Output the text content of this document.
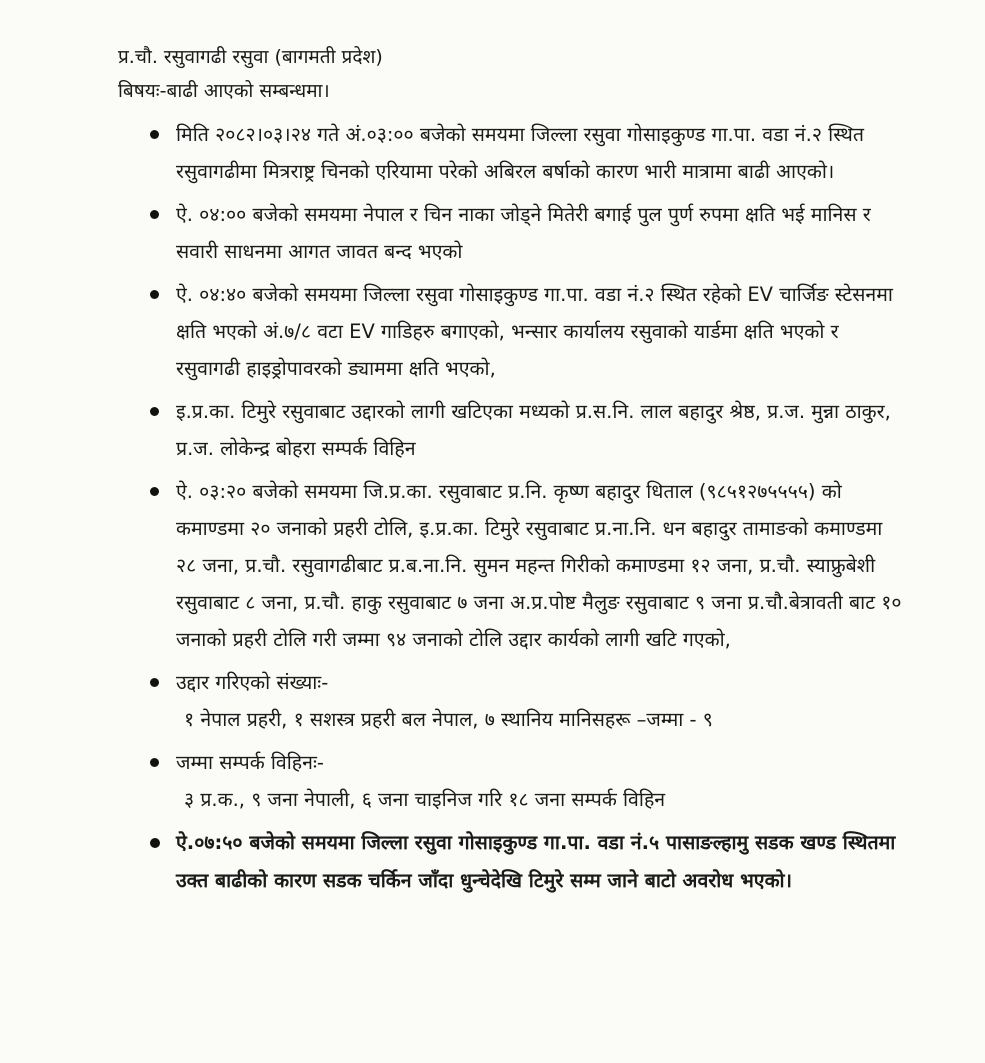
प्र.चौ. रसुवागढी रसुवा (बागमती प्रदेश)
बिषयः-बाढी आएको सम्बन्धमा।
मिति २०८२।०३।२४ गते अं.०३:०० बजेको समयमा जिल्ला रसुवा गोसाइकुण्ड गा.पा. वडा नं.२ स्थित रसुवागढीमा मित्रराष्ट्र चिनको एरियामा परेको अबिरल बर्षाको कारण भारी मात्रामा बाढी आएको।
ऐ. ०४:०० बजेको समयमा नेपाल र चिन नाका जोड्ने मितेरी बगाई पुल पुर्ण रुपमा क्षति भई मानिस र सवारी साधनमा आगत जावत बन्द भएको
ऐ. ०४:४० बजेको समयमा जिल्ला रसुवा गोसाइकुण्ड गा.पा. वडा नं.२ स्थित रहेको EV चार्जिङ स्टेसनमा क्षति भएको अं.७/८ वटा EV गाडिहरु बगाएको, भन्सार कार्यालय रसुवाको यार्डमा क्षति भएको र रसुवागढी हाइड्रोपावरको ड्याममा क्षति भएको,
इ.प्र.का. टिमुरे रसुवाबाट उद्दारको लागी खटिएका मध्यको प्र.स.नि. लाल बहादुर श्रेष्ठ, प्र.ज. मुन्ना ठाकुर, प्र.ज. लोकेन्द्र बोहरा सम्पर्क विहिन
ऐ. ०३:२० बजेको समयमा जि.प्र.का. रसुवाबाट प्र.नि. कृष्ण बहादुर धिताल (९८५१२७५५५५) को कमाण्डमा २० जनाको प्रहरी टोलि, इ.प्र.का. टिमुरे रसुवाबाट प्र.ना.नि. धन बहादुर तामाङको कमाण्डमा २८ जना, प्र.चौ. रसुवागढीबाट प्र.ब.ना.नि. सुमन महन्त गिरीको कमाण्डमा १२ जना, प्र.चौ. स्याफ्रुबेशी रसुवाबाट ८ जना, प्र.चौ. हाकु रसुवाबाट ७ जना अ.प्र.पोष्ट मैलुङ रसुवाबाट ९ जना प्र.चौ.बेत्रावती बाट १० जनाको प्रहरी टोलि गरी जम्मा ९४ जनाको टोलि उद्दार कार्यको लागी खटि गएको,
उद्दार गरिएको संख्याः-
१ नेपाल प्रहरी, १ सशस्त्र प्रहरी बल नेपाल, ७ स्थानिय मानिसहरू –जम्मा - ९
जम्मा सम्पर्क विहिनः-
३ प्र.क., ९ जना नेपाली, ६ जना चाइनिज गरि १८ जना सम्पर्क विहिन
ऐ.०७:५० बजेको समयमा जिल्ला रसुवा गोसाइकुण्ड गा.पा. वडा नं.५ पासाङल्हामु सडक खण्ड स्थितमा उक्त बाढीको कारण सडक चर्किन जाँदा धुन्चेदेखि टिमुरे सम्म जाने बाटो अवरोध भएको।
